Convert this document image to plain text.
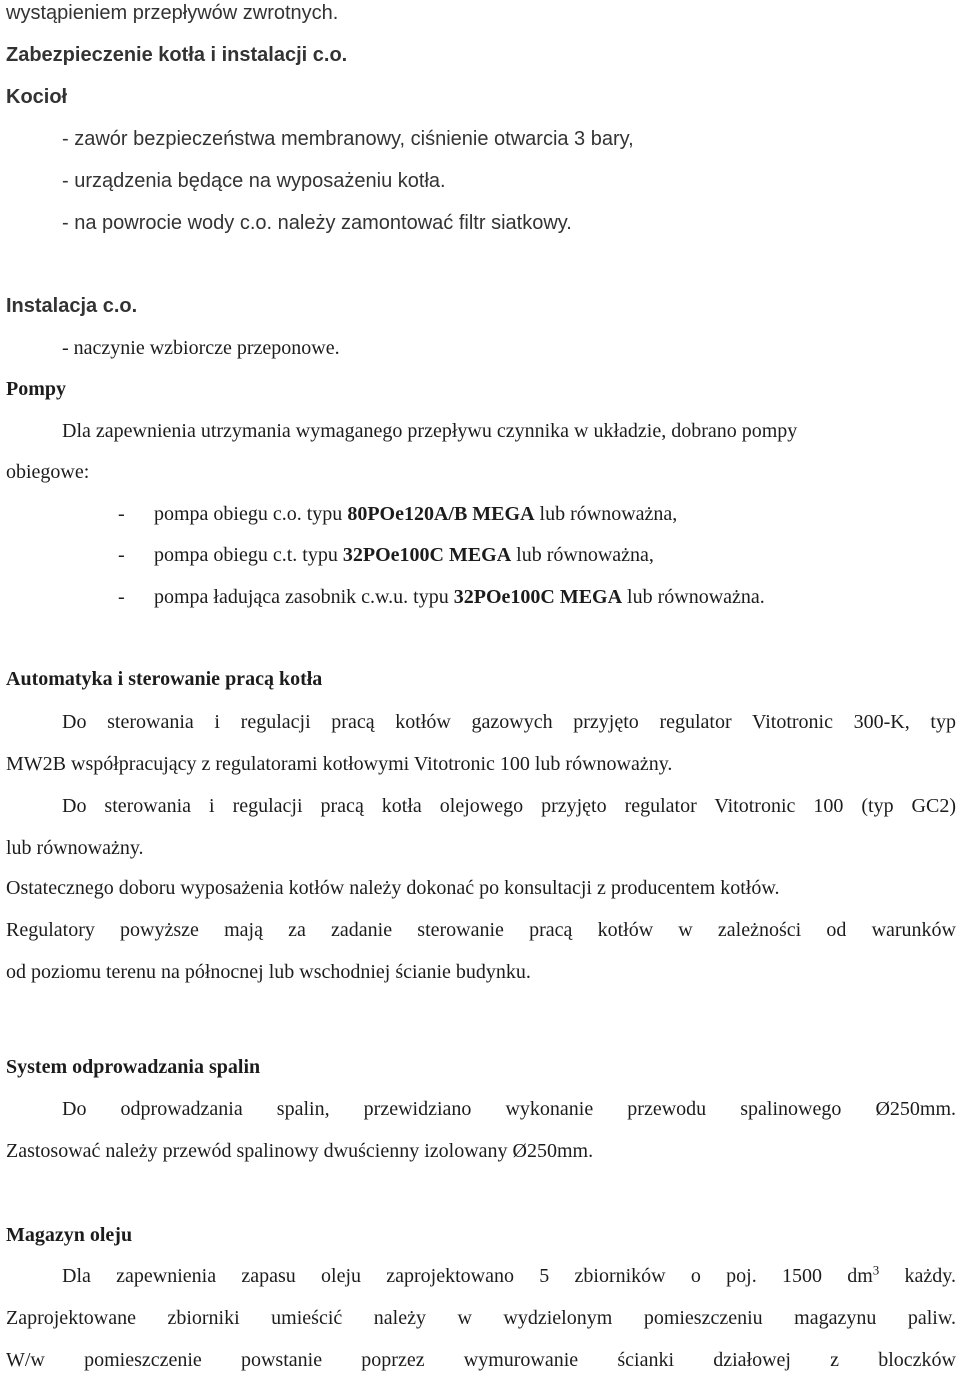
wystąpieniem przepływów zwrotnych.

Zabezpieczenie kotła i instalacji c.o.

Kocioł

- zawór bezpieczeństwa membranowy, ciśnienie otwarcia 3 bary,

- urządzenia będące na wyposażeniu kotła.

- na powrocie wody c.o. należy zamontować filtr siatkowy.

Instalacja c.o.

- naczynie wzbiorcze przeponowe.

Pompy

Dla zapewnienia utrzymania wymaganego przepływu czynnika w układzie, dobrano pompy

obiegowe:

- pompa obiegu c.o. typu 80POe120A/B MEGA lub równoważna,

- pompa obiegu c.t. typu 32POe100C MEGA lub równoważna,

- pompa ładująca zasobnik c.w.u. typu 32POe100C MEGA lub równoważna.

Automatyka i sterowanie pracą kotła

Do sterowania i regulacji pracą kotłów gazowych przyjęto regulator Vitotronic 300-K, typ

MW2B współpracujący z regulatorami kotłowymi Vitotronic 100 lub równoważny.

Do sterowania i regulacji pracą kotła olejowego przyjęto regulator Vitotronic 100 (typ GC2)

lub równoważny.

Ostatecznego doboru wyposażenia kotłów należy dokonać po konsultacji z producentem kotłów.

Regulatory powyższe mają za zadanie sterowanie pracą kotłów w zależności od warunków

od poziomu terenu na północnej lub wschodniej ścianie budynku.

System odprowadzania spalin

Do odprowadzania spalin, przewidziano wykonanie przewodu spalinowego Ø250mm.

Zastosować należy przewód spalinowy dwuścienny izolowany Ø250mm.

Magazyn oleju

Dla zapewnienia zapasu oleju zaprojektowano 5 zbiorników o poj. 1500 $dm^3$ każdy.

Zaprojektowane zbiorniki umieścić należy w wydzielonym pomieszczeniu magazynu paliw.

W/w pomieszczenie powstanie poprzez wymurowanie ścianki działowej z bloczków
